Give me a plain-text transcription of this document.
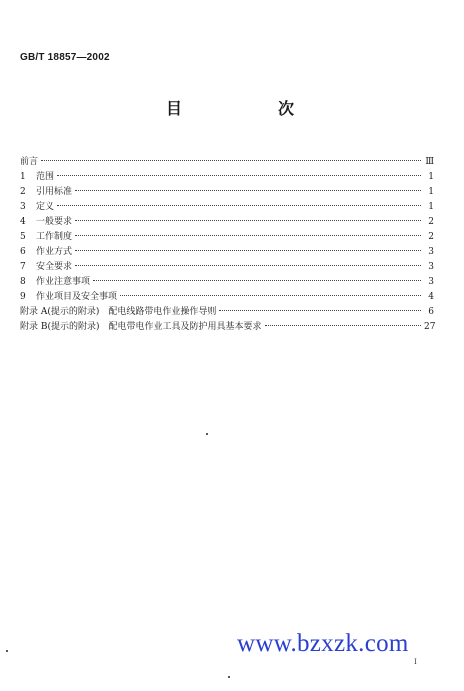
GB/T 18857—2002
目　次
前言	Ⅲ
1	范围	1
2	引用标准	1
3	定义	1
4	一般要求	2
5	工作制度	2
6	作业方式	3
7	安全要求	3
8	作业注意事项	3
9	作业项目及安全事项	4
附录 A(提示的附录)　配电线路带电作业操作导则	6
附录 B(提示的附录)　配电带电作业工具及防护用具基本要求	27
www.bzxzk.com
I
